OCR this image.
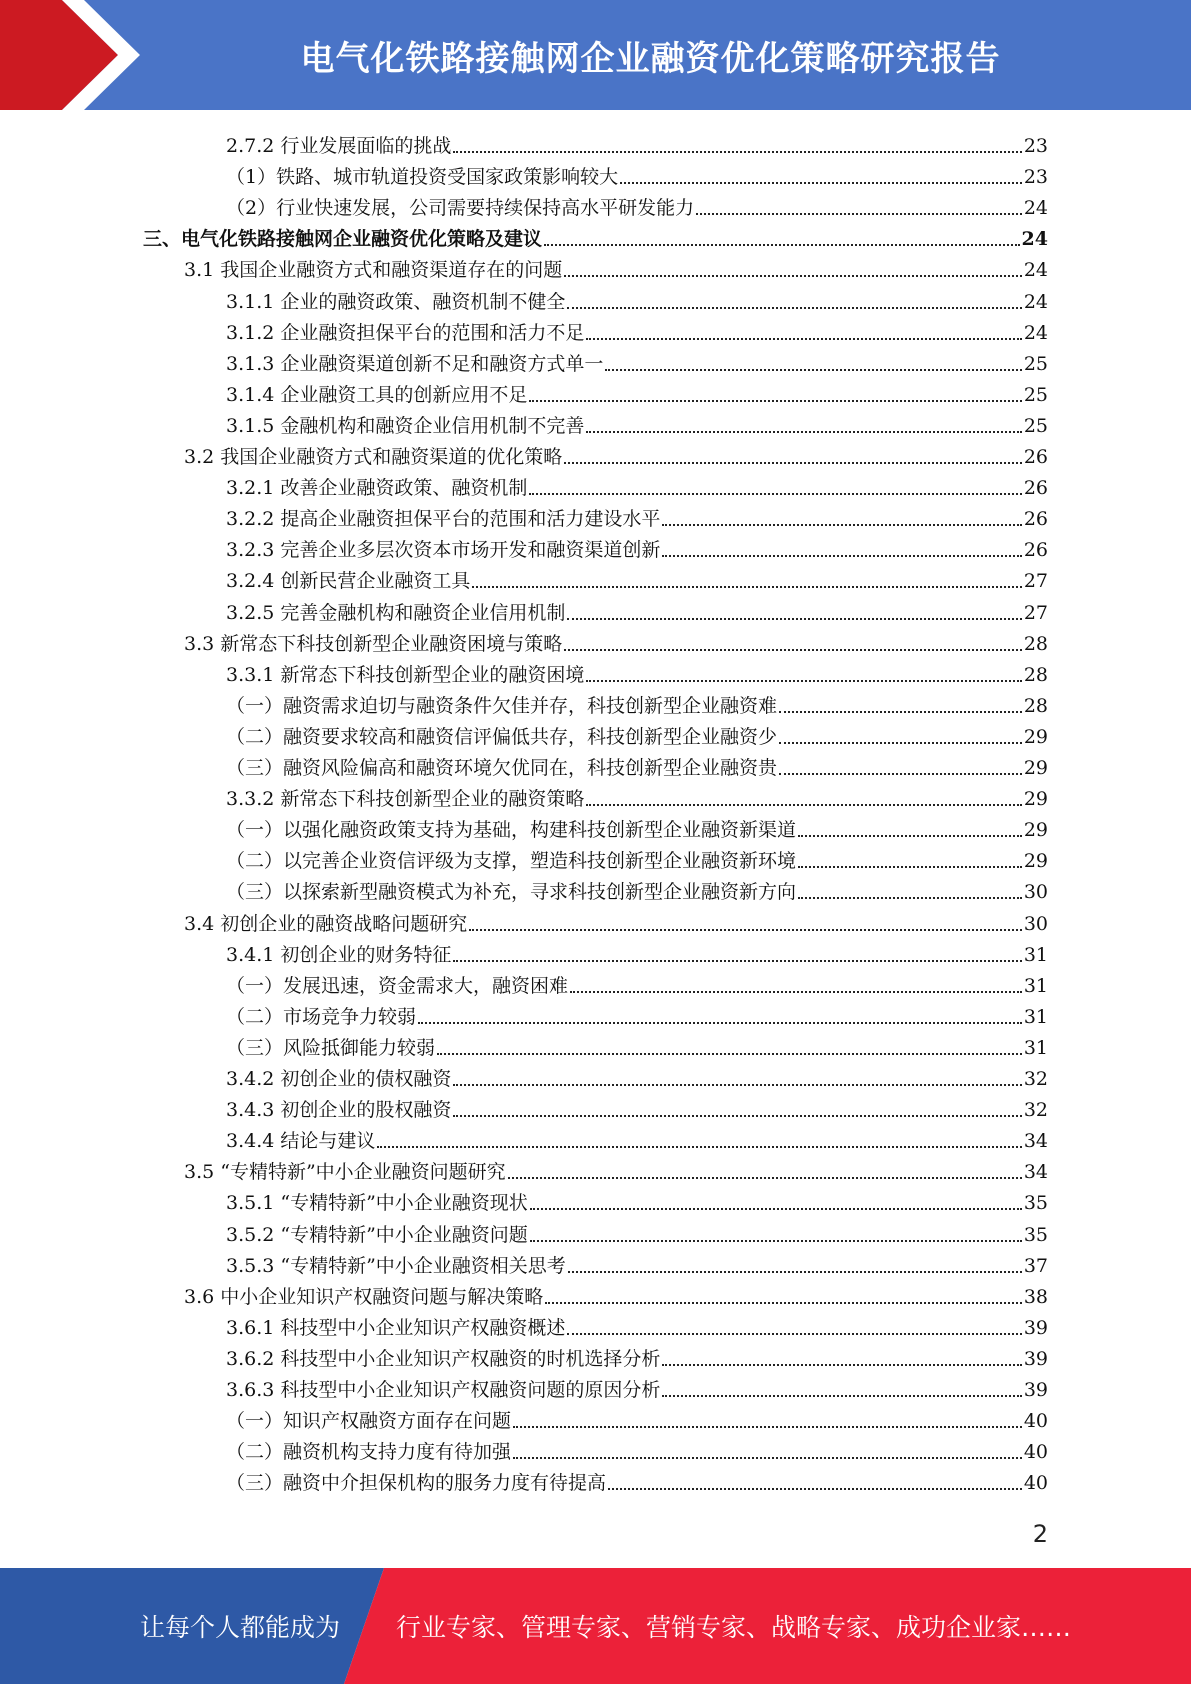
电气化铁路接触网企业融资优化策略研究报告
2.7.2 行业发展面临的挑战	23
（1）铁路、城市轨道投资受国家政策影响较大	23
（2）行业快速发展，公司需要持续保持高水平研发能力	24
三、电气化铁路接触网企业融资优化策略及建议	24
3.1 我国企业融资方式和融资渠道存在的问题	24
3.1.1 企业的融资政策、融资机制不健全	24
3.1.2 企业融资担保平台的范围和活力不足	24
3.1.3 企业融资渠道创新不足和融资方式单一	25
3.1.4 企业融资工具的创新应用不足	25
3.1.5 金融机构和融资企业信用机制不完善	25
3.2 我国企业融资方式和融资渠道的优化策略	26
3.2.1 改善企业融资政策、融资机制	26
3.2.2 提高企业融资担保平台的范围和活力建设水平	26
3.2.3 完善企业多层次资本市场开发和融资渠道创新	26
3.2.4 创新民营企业融资工具	27
3.2.5 完善金融机构和融资企业信用机制	27
3.3 新常态下科技创新型企业融资困境与策略	28
3.3.1 新常态下科技创新型企业的融资困境	28
（一）融资需求迫切与融资条件欠佳并存，科技创新型企业融资难	28
（二）融资要求较高和融资信评偏低共存，科技创新型企业融资少	29
（三）融资风险偏高和融资环境欠优同在，科技创新型企业融资贵	29
3.3.2 新常态下科技创新型企业的融资策略	29
（一）以强化融资政策支持为基础，构建科技创新型企业融资新渠道	29
（二）以完善企业资信评级为支撑，塑造科技创新型企业融资新环境	29
（三）以探索新型融资模式为补充，寻求科技创新型企业融资新方向	30
3.4 初创企业的融资战略问题研究	30
3.4.1 初创企业的财务特征	31
（一）发展迅速，资金需求大，融资困难	31
（二）市场竞争力较弱	31
（三）风险抵御能力较弱	31
3.4.2 初创企业的债权融资	32
3.4.3 初创企业的股权融资	32
3.4.4 结论与建议	34
3.5 “专精特新”中小企业融资问题研究	34
3.5.1 “专精特新”中小企业融资现状	35
3.5.2 “专精特新”中小企业融资问题	35
3.5.3 “专精特新”中小企业融资相关思考	37
3.6 中小企业知识产权融资问题与解决策略	38
3.6.1 科技型中小企业知识产权融资概述	39
3.6.2 科技型中小企业知识产权融资的时机选择分析	39
3.6.3 科技型中小企业知识产权融资问题的原因分析	39
（一）知识产权融资方面存在问题	40
（二）融资机构支持力度有待加强	40
（三）融资中介担保机构的服务力度有待提高	40
2
让每个人都能成为 行业专家、管理专家、营销专家、战略专家、成功企业家……
